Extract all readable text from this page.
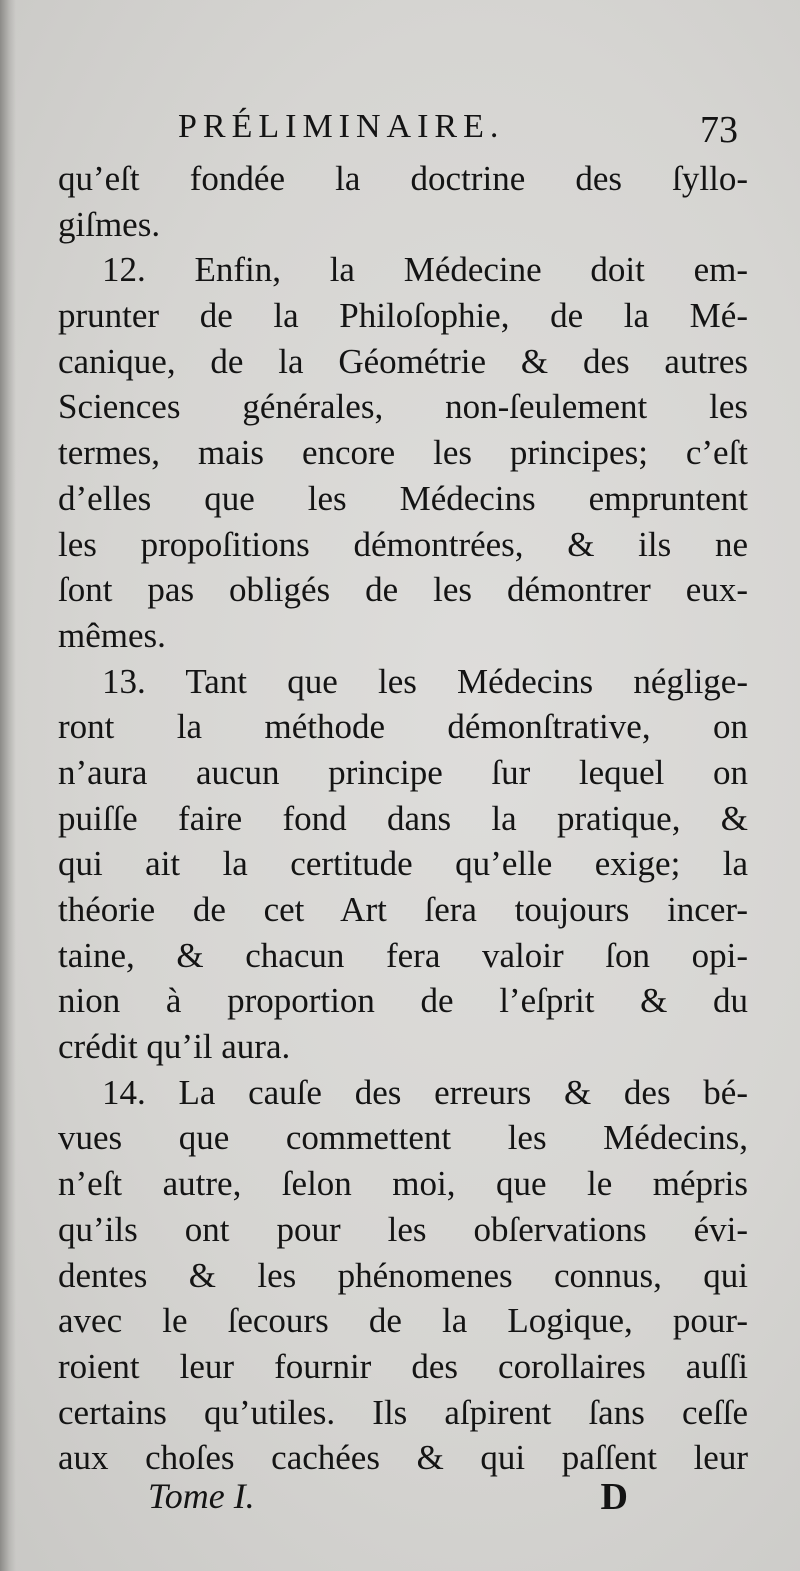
PRÉLIMINAIRE.	73
qu’eſt fondée la doctrine des ſyllo-
giſmes.
12. Enfin, la Médecine doit em-
prunter de la Philoſophie, de la Mé-
canique, de la Géométrie & des autres
Sciences générales, non-ſeulement les
termes, mais encore les principes; c’eſt
d’elles que les Médecins empruntent
les propoſitions démontrées, & ils ne
ſont pas obligés de les démontrer eux-
mêmes.
13. Tant que les Médecins néglige-
ront la méthode démonſtrative, on
n’aura aucun principe ſur lequel on
puiſſe faire fond dans la pratique, &
qui ait la certitude qu’elle exige; la
théorie de cet Art ſera toujours incer-
taine, & chacun fera valoir ſon opi-
nion à proportion de l’eſprit & du
crédit qu’il aura.
14. La cauſe des erreurs & des bé-
vues que commettent les Médecins,
n’eſt autre, ſelon moi, que le mépris
qu’ils ont pour les obſervations évi-
dentes & les phénomenes connus, qui
avec le ſecours de la Logique, pour-
roient leur fournir des corollaires auſſi
certains qu’utiles. Ils aſpirent ſans ceſſe
aux choſes cachées & qui paſſent leur
Tome I.	D
